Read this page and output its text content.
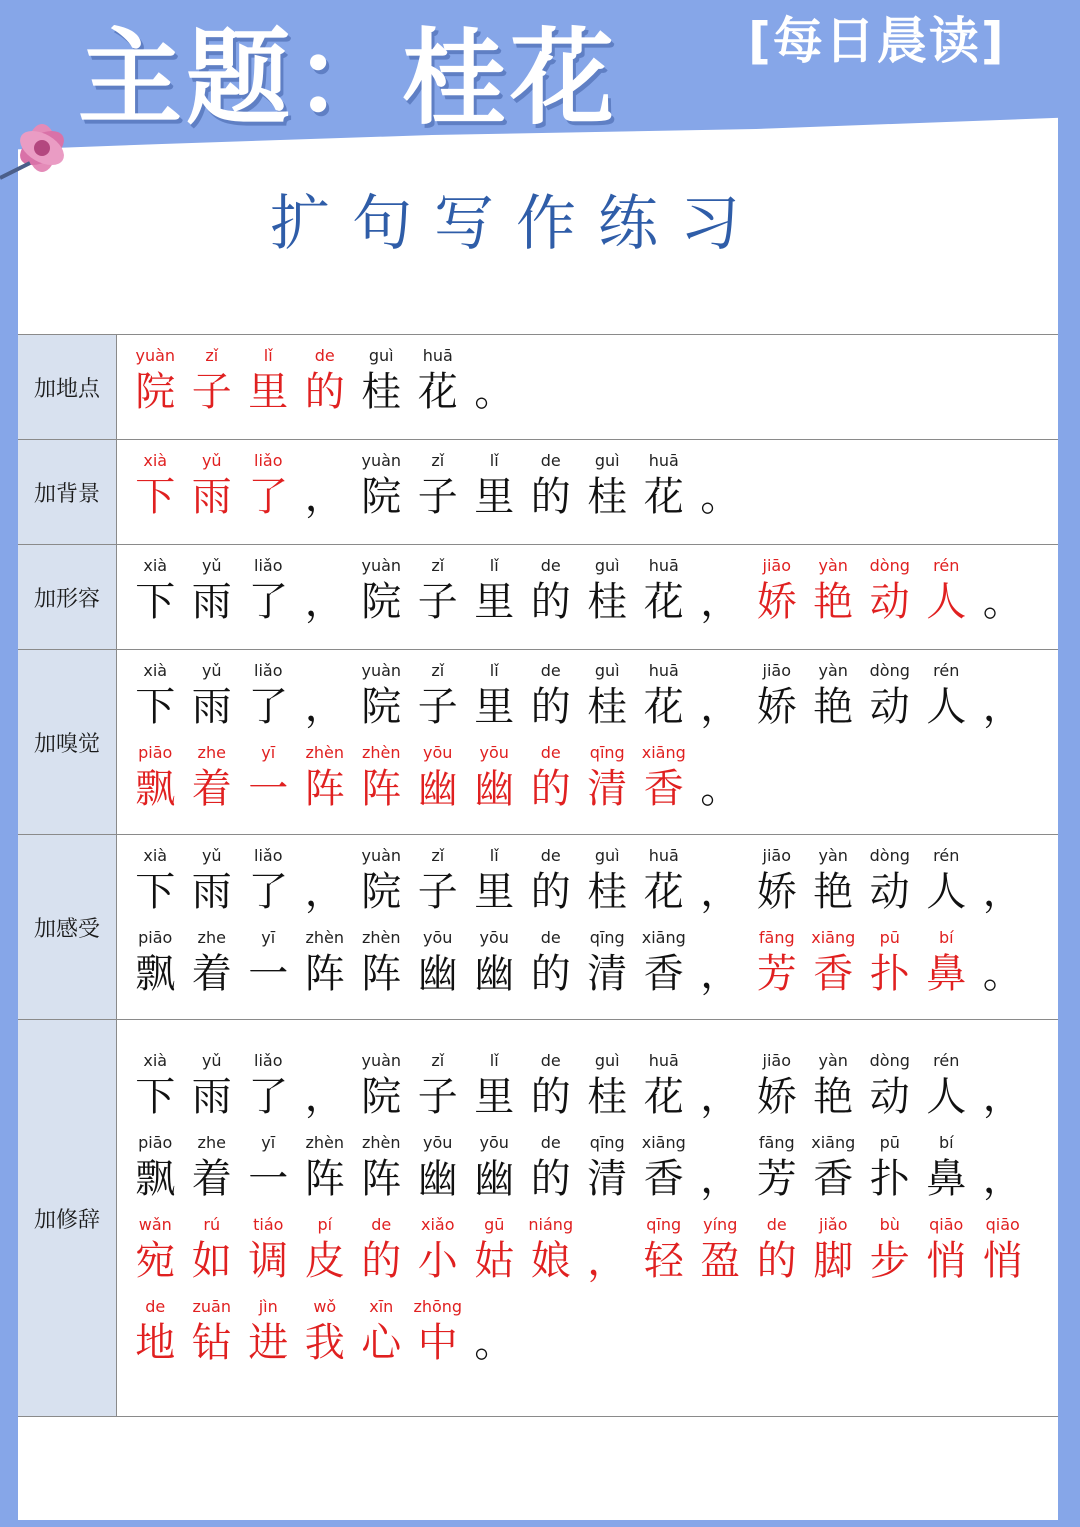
主题：桂花	[每日晨读]
扩句写作练习
加地点
yuàn
院
zǐ
子
lǐ
里
de
的
guì
桂
huā
花 。
加背景
xià
下
yǔ
雨
liǎo
了 ，
yuàn
院
zǐ
子
lǐ
里
de
的
guì
桂
huā
花 。
加形容
xià
下
yǔ
雨
liǎo
了 ，
yuàn
院
zǐ
子
lǐ
里
de
的
guì
桂
huā
花 ，
jiāo
娇
yàn
艳
dòng
动
rén
人 。
加嗅觉
xià
下
yǔ
雨
liǎo
了 ，
yuàn
院
zǐ
子
lǐ
里
de
的
guì
桂
huā
花 ，
jiāo
娇
yàn
艳
dòng
动
rén
人 ，
piāo
飘
zhe
着
yī
一
zhèn
阵
zhèn
阵
yōu
幽
yōu
幽
de
的
qīng
清
xiāng
香 。
加感受
xià
下
yǔ
雨
liǎo
了 ，
yuàn
院
zǐ
子
lǐ
里
de
的
guì
桂
huā
花 ，
jiāo
娇
yàn
艳
dòng
动
rén
人 ，
piāo
飘
zhe
着
yī
一
zhèn
阵
zhèn
阵
yōu
幽
yōu
幽
de
的
qīng
清
xiāng
香 ，
fāng
芳
xiāng
香
pū
扑
bí
鼻 。
加修辞
xià
下
yǔ
雨
liǎo
了 ，
yuàn
院
zǐ
子
lǐ
里
de
的
guì
桂
huā
花 ，
jiāo
娇
yàn
艳
dòng
动
rén
人 ，
piāo
飘
zhe
着
yī
一
zhèn
阵
zhèn
阵
yōu
幽
yōu
幽
de
的
qīng
清
xiāng
香 ，
fāng
芳
xiāng
香
pū
扑
bí
鼻 ，
wǎn
宛
rú
如
tiáo
调
pí
皮
de
的
xiǎo
小
gū
姑
niáng
娘 ，
qīng
轻
yíng
盈
de
的
jiǎo
脚
bù
步
qiāo
悄
qiāo
悄
de
地
zuān
钻
jìn
进
wǒ
我
xīn
心
zhōng
中 。
